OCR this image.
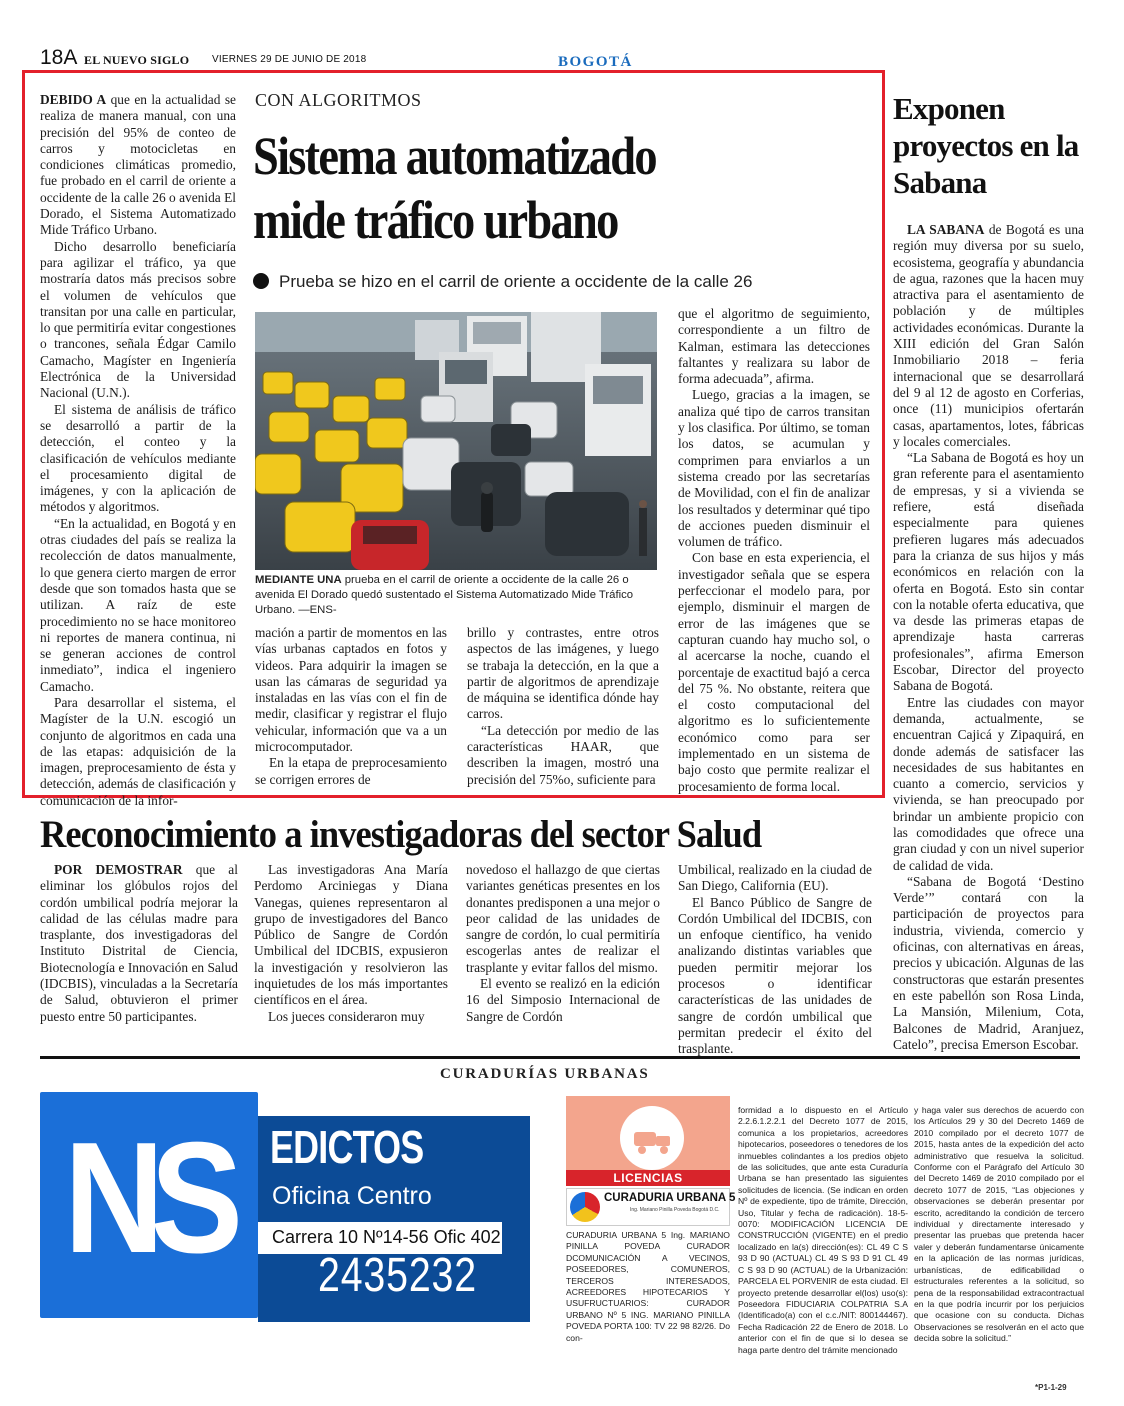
18A EL NUEVO SIGLO VIERNES 29 DE JUNIO DE 2018	BOGOTÁ

DEBIDO A que en la actualidad se realiza de manera manual, con una precisión del 95% de conteo de carros y motocicletas en condiciones climáticas promedio, fue probado en el carril de oriente a occidente de la calle 26 o avenida El Dorado, el Sistema Automatizado Mide Tráfico Urbano.

Dicho desarrollo beneficiaría para agilizar el tráfico, ya que mostraría datos más precisos sobre el volumen de vehículos que transitan por una calle en particular, lo que permitiría evitar congestiones o trancones, señala Édgar Camilo Camacho, Magíster en Ingeniería Electrónica de la Universidad Nacional (U.N.).

El sistema de análisis de tráfico se desarrolló a partir de la detección, el conteo y la clasificación de vehículos mediante el procesamiento digital de imágenes, y con la aplicación de métodos y algoritmos.

“En la actualidad, en Bogotá y en otras ciudades del país se realiza la recolección de datos manualmente, lo que genera cierto margen de error desde que son tomados hasta que se utilizan. A raíz de este procedimiento no se hace monitoreo ni reportes de manera continua, ni se generan acciones de control inmediato”, indica el ingeniero Camacho.

Para desarrollar el sistema, el Magíster de la U.N. escogió un conjunto de algoritmos en cada una de las etapas: adquisición de la imagen, preprocesamiento de ésta y detección, además de clasificación y comunicación de la infor-

CON ALGORITMOS
Sistema automatizado mide tráfico urbano
Prueba se hizo en el carril de oriente a occidente de la calle 26
MEDIANTE UNA prueba en el carril de oriente a occidente de la calle 26 o avenida El Dorado quedó sustentado el Sistema Automatizado Mide Tráfico Urbano. —ENS-

mación a partir de momentos en las vías urbanas captados en fotos y videos. Para adquirir la imagen se usan las cámaras de seguridad ya instaladas en las vías con el fin de medir, clasificar y registrar el flujo vehicular, información que va a un microcomputador.

En la etapa de preprocesamiento se corrigen errores de

brillo y contrastes, entre otros aspectos de las imágenes, y luego se trabaja la detección, en la que a partir de algoritmos de aprendizaje de máquina se identifica dónde hay carros.

“La detección por medio de las características HAAR, que describen la imagen, mostró una precisión del 75%o, suficiente para

que el algoritmo de seguimiento, correspondiente a un filtro de Kalman, estimara las detecciones faltantes y realizara su labor de forma adecuada”, afirma.

Luego, gracias a la imagen, se analiza qué tipo de carros transitan y los clasifica. Por último, se toman los datos, se acumulan y comprimen para enviarlos a un sistema creado por las secretarías de Movilidad, con el fin de analizar los resultados y determinar qué tipo de acciones pueden disminuir el volumen de tráfico.

Con base en esta experiencia, el investigador señala que se espera perfeccionar el modelo para, por ejemplo, disminuir el margen de error de las imágenes que se capturan cuando hay mucho sol, o al acercarse la noche, cuando el porcentaje de exactitud bajó a cerca del 75 %. No obstante, reitera que el costo computacional del algoritmo es lo suficientemente económico como para ser implementado en un sistema de bajo costo que permite realizar el procesamiento de forma local.

Exponen proyectos en la Sabana

LA SABANA de Bogotá es una región muy diversa por su suelo, ecosistema, geografía y abundancia de agua, razones que la hacen muy atractiva para el asentamiento de población y de múltiples actividades económicas. Durante la XIII edición del Gran Salón Inmobiliario 2018 – feria internacional que se desarrollará del 9 al 12 de agosto en Corferias, once (11) municipios ofertarán casas, apartamentos, lotes, fábricas y locales comerciales.

“La Sabana de Bogotá es hoy un gran referente para el asentamiento de empresas, y si a vivienda se refiere, está diseñada especialmente para quienes prefieren lugares más adecuados para la crianza de sus hijos y más económicos en relación con la oferta en Bogotá. Esto sin contar con la notable oferta educativa, que va desde las primeras etapas de aprendizaje hasta carreras profesionales”, afirma Emerson Escobar, Director del proyecto Sabana de Bogotá.

Entre las ciudades con mayor demanda, actualmente, se encuentran Cajicá y Zipaquirá, en donde además de satisfacer las necesidades de sus habitantes en cuanto a comercio, servicios y vivienda, se han preocupado por brindar un ambiente propicio con las comodidades que ofrece una gran ciudad y con un nivel superior de calidad de vida.

“Sabana de Bogotá ‘Destino Verde’” contará con la participación de proyectos para industria, vivienda, comercio y oficinas, con alternativas en áreas, precios y ubicación. Algunas de las constructoras que estarán presentes en este pabellón son Rosa Linda, La Mansión, Milenium, Cota, Balcones de Madrid, Aranjuez, Catelo”, precisa Emerson Escobar.

Reconocimiento a investigadoras del sector Salud

POR DEMOSTRAR que al eliminar los glóbulos rojos del cordón umbilical podría mejorar la calidad de las células madre para trasplante, dos investigadoras del Instituto Distrital de Ciencia, Biotecnología e Innovación en Salud (IDCBIS), vinculadas a la Secretaría de Salud, obtuvieron el primer puesto entre 50 participantes.

Las investigadoras Ana María Perdomo Arciniegas y Diana Vanegas, quienes representaron al grupo de investigadores del Banco Público de Sangre de Cordón Umbilical del IDCBIS, expusieron la investigación y resolvieron las inquietudes de los más importantes científicos en el área.

Los jueces consideraron muy

novedoso el hallazgo de que ciertas variantes genéticas presentes en los donantes predisponen a una mejor o peor calidad de las unidades de sangre de cordón, lo cual permitiría escogerlas antes de realizar el trasplante y evitar fallos del mismo.

El evento se realizó en la edición 16 del Simposio Internacional de Sangre de Cordón

Umbilical, realizado en la ciudad de San Diego, California (EU).

El Banco Público de Sangre de Cordón Umbilical del IDCBIS, con un enfoque científico, ha venido analizando distintas variables que pueden permitir mejorar los procesos o identificar características de las unidades de sangre de cordón umbilical que permitan predecir el éxito del trasplante.

CURADURÍAS URBANAS
NS EDICTOS
Oficina Centro
Carrera 10 Nº14-56 Ofic 402
2435232
LICENCIAS
CURADURIA URBANA 5
Ing. Mariano Pinilla Poveda Bogotá D.C.

CURADURIA URBANA 5 Ing. MARIANO PINILLA POVEDA CURADOR DCOMUNICACIÓN A VECINOS, POSEEDORES, COMUNEROS, TERCEROS INTERESADOS, ACREEDORES HIPOTECARIOS Y USUFRUCTUARIOS: CURADOR URBANO Nº 5 ING. MARIANO PINILLA POVEDA PORTA 100: TV 22 98 82/26. Do con-

formidad a lo dispuesto en el Artículo 2.2.6.1.2.2.1 del Decreto 1077 de 2015, comunica a los propietarios, acreedores hipotecarios, poseedores o tenedores de los inmuebles colindantes a los predios objeto de las solicitudes, que ante esta Curaduría Urbana se han presentado las siguientes solicitudes de licencia. (Se indican en orden Nº de expediente, tipo de trámite, Dirección, Uso, Titular y fecha de radicación). 18-5-0070: MODIFICACIÓN LICENCIA DE CONSTRUCCIÓN (VIGENTE) en el predio localizado en la(s) dirección(es): CL 49 C S 93 D 90 (ACTUAL) CL 49 S 93 D 91 CL 49 C S 93 D 90 (ACTUAL) de la Urbanización: PARCELA EL PORVENIR de esta ciudad. El proyecto pretende desarrollar el(los) uso(s): Poseedora FIDUCIARIA COLPATRIA S.A (Identificado(a) con el c.c./NIT: 800144467). Fecha Radicación 22 de Enero de 2018. Lo anterior con el fin de que si lo desea se haga parte dentro del trámite mencionado

y haga valer sus derechos de acuerdo con los Artículos 29 y 30 del Decreto 1469 de 2010 compilado por el decreto 1077 de 2015, hasta antes de la expedición del acto administrativo que resuelva la solicitud. Conforme con el Parágrafo del Artículo 30 del Decreto 1469 de 2010 compilado por el decreto 1077 de 2015, “Las objeciones y observaciones se deberán presentar por escrito, acreditando la condición de tercero individual y directamente interesado y presentar las pruebas que pretenda hacer valer y deberán fundamentarse únicamente en la aplicación de las normas jurídicas, urbanísticas, de edificabilidad o estructurales referentes a la solicitud, so pena de la responsabilidad extracontractual en la que podría incurrir por los perjuicios que ocasione con su conducta. Dichas Observaciones se resolverán en el acto que decida sobre la solicitud.”

*P1-1-29
